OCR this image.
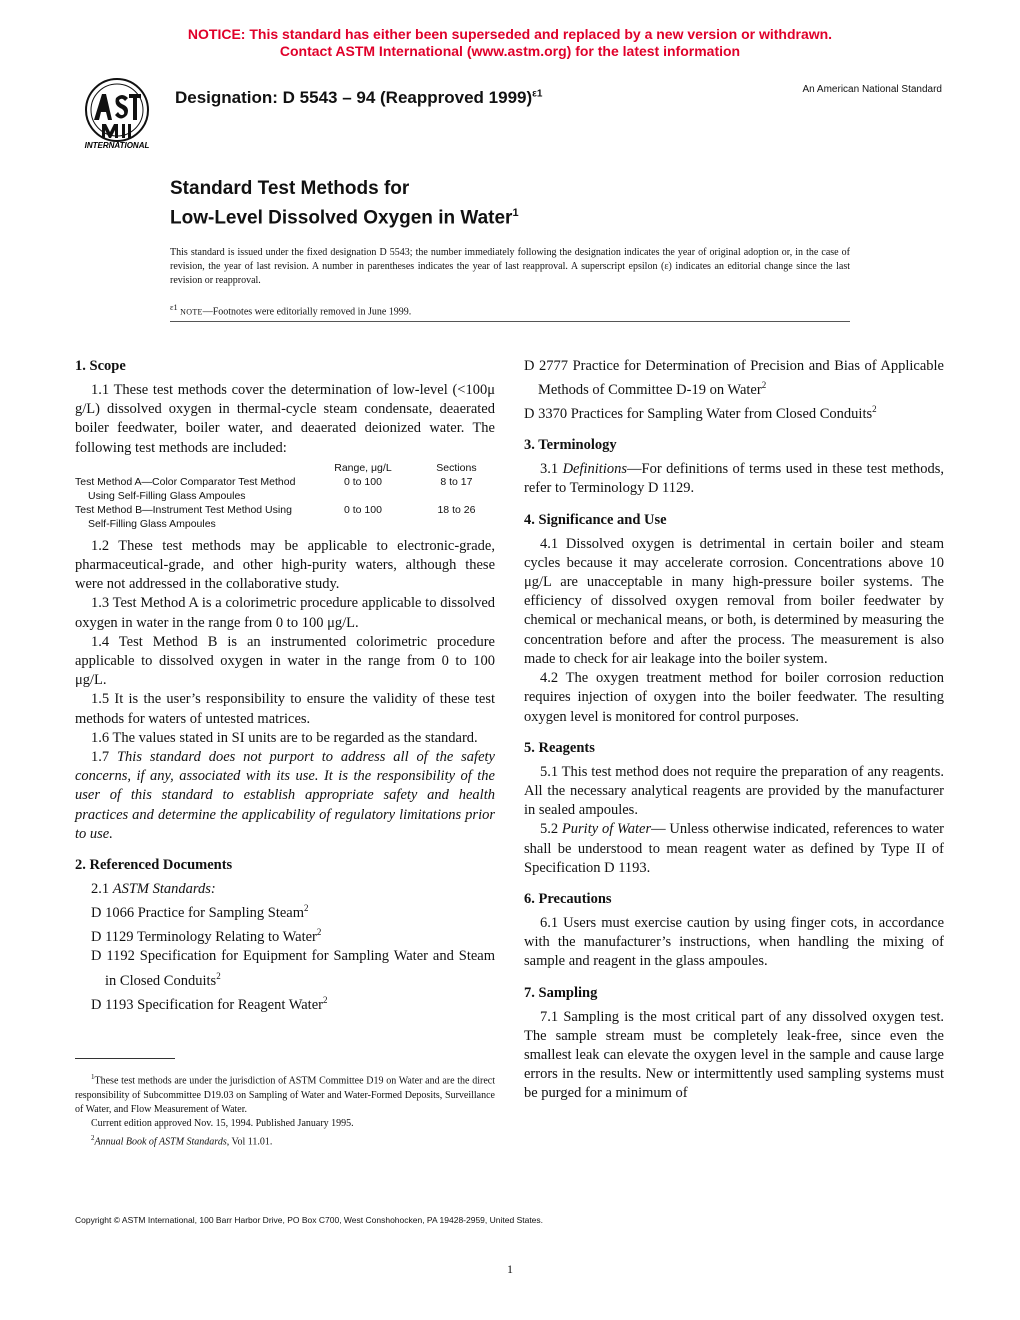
NOTICE: This standard has either been superseded and replaced by a new version or withdrawn.
Contact ASTM International (www.astm.org) for the latest information
INTERNATIONAL
Designation: D 5543 – 94 (Reapproved 1999)$^{\varepsilon 1}$	An American National Standard
Standard Test Methods for
Low-Level Dissolved Oxygen in Water$^1$
This standard is issued under the fixed designation D 5543; the number immediately following the designation indicates the year of original adoption or, in the case of revision, the year of last revision. A number in parentheses indicates the year of last reapproval. A superscript epsilon (ε) indicates an editorial change since the last revision or reapproval.
$^{\varepsilon 1}$ NOTE—Footnotes were editorially removed in June 1999.
1. Scope

1.1 These test methods cover the determination of low-level (<100μ g/L) dissolved oxygen in thermal-cycle steam condensate, deaerated boiler feedwater, boiler water, and deaerated deionized water. The following test methods are included:

	Range, μg/L	Sections
Test Method A—Color Comparator Test Method Using Self-Filling Glass Ampoules	0 to 100	8 to 17
Test Method B—Instrument Test Method Using Self-Filling Glass Ampoules	0 to 100	18 to 26

1.2 These test methods may be applicable to electronic-grade, pharmaceutical-grade, and other high-purity waters, although these were not addressed in the collaborative study.

1.3 Test Method A is a colorimetric procedure applicable to dissolved oxygen in water in the range from 0 to 100 μg/L.

1.4 Test Method B is an instrumented colorimetric procedure applicable to dissolved oxygen in water in the range from 0 to 100 μg/L.

1.5 It is the user’s responsibility to ensure the validity of these test methods for waters of untested matrices.

1.6 The values stated in SI units are to be regarded as the standard.

1.7 This standard does not purport to address all of the safety concerns, if any, associated with its use. It is the responsibility of the user of this standard to establish appropriate safety and health practices and determine the applicability of regulatory limitations prior to use.

2. Referenced Documents

2.1 ASTM Standards:

D 1066 Practice for Sampling Steam$^2$

D 1129 Terminology Relating to Water$^2$

D 1192 Specification for Equipment for Sampling Water and Steam in Closed Conduits$^2$

D 1193 Specification for Reagent Water$^2$

D 2777 Practice for Determination of Precision and Bias of Applicable Methods of Committee D-19 on Water$^2$

D 3370 Practices for Sampling Water from Closed Conduits$^2$

3. Terminology

3.1 Definitions—For definitions of terms used in these test methods, refer to Terminology D 1129.

4. Significance and Use

4.1 Dissolved oxygen is detrimental in certain boiler and steam cycles because it may accelerate corrosion. Concentrations above 10 μg/L are unacceptable in many high-pressure boiler systems. The efficiency of dissolved oxygen removal from boiler feedwater by chemical or mechanical means, or both, is determined by measuring the concentration before and after the process. The measurement is also made to check for air leakage into the boiler system.

4.2 The oxygen treatment method for boiler corrosion reduction requires injection of oxygen into the boiler feedwater. The resulting oxygen level is monitored for control purposes.

5. Reagents

5.1 This test method does not require the preparation of any reagents. All the necessary analytical reagents are provided by the manufacturer in sealed ampoules.

5.2 Purity of Water— Unless otherwise indicated, references to water shall be understood to mean reagent water as defined by Type II of Specification D 1193.

6. Precautions

6.1 Users must exercise caution by using finger cots, in accordance with the manufacturer’s instructions, when handling the mixing of sample and reagent in the glass ampoules.

7. Sampling

7.1 Sampling is the most critical part of any dissolved oxygen test. The sample stream must be completely leak-free, since even the smallest leak can elevate the oxygen level in the sample and cause large errors in the results. New or intermittently used sampling systems must be purged for a minimum of

$^1$These test methods are under the jurisdiction of ASTM Committee D19 on Water and are the direct responsibility of Subcommittee D19.03 on Sampling of Water and Water-Formed Deposits, Surveillance of Water, and Flow Measurement of Water.

Current edition approved Nov. 15, 1994. Published January 1995.

$^2$Annual Book of ASTM Standards, Vol 11.01.

Copyright © ASTM International, 100 Barr Harbor Drive, PO Box C700, West Conshohocken, PA 19428-2959, United States.
1
